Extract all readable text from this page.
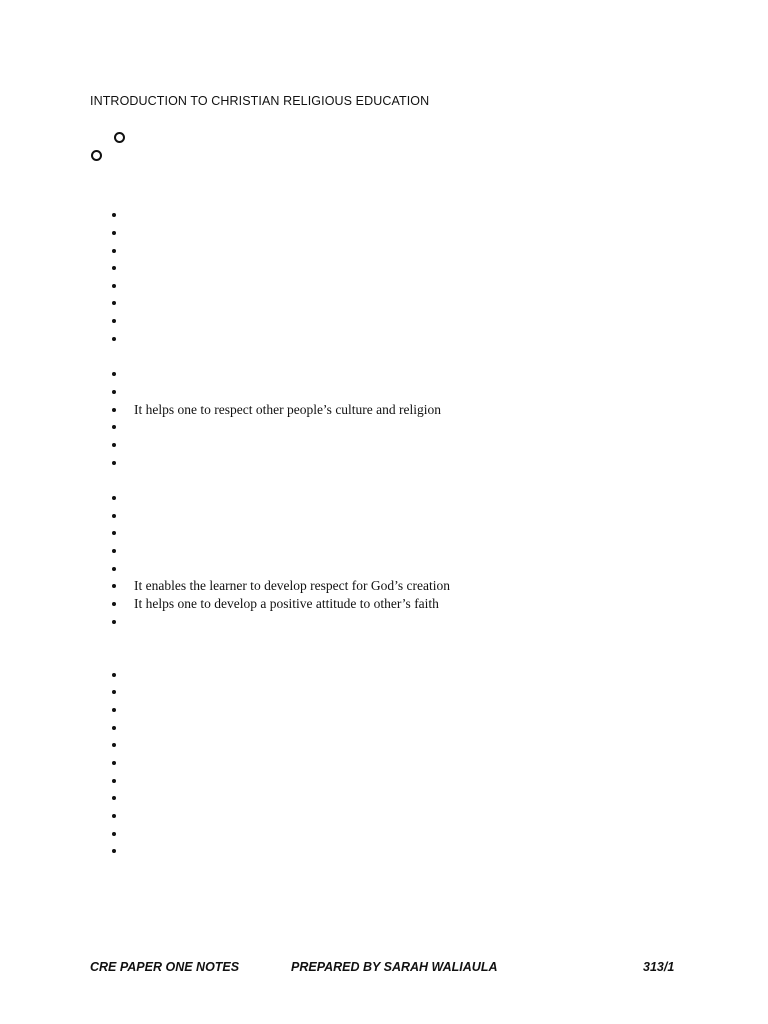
INTRODUCTION TO CHRISTIAN RELIGIOUS EDUCATION
It helps one to respect other people’s culture and religion
It enables the learner to develop respect for God’s creation
It helps one to develop a positive attitude to other’s faith
CRE PAPER ONE NOTES	PREPARED BY SARAH WALIAULA	313/1
